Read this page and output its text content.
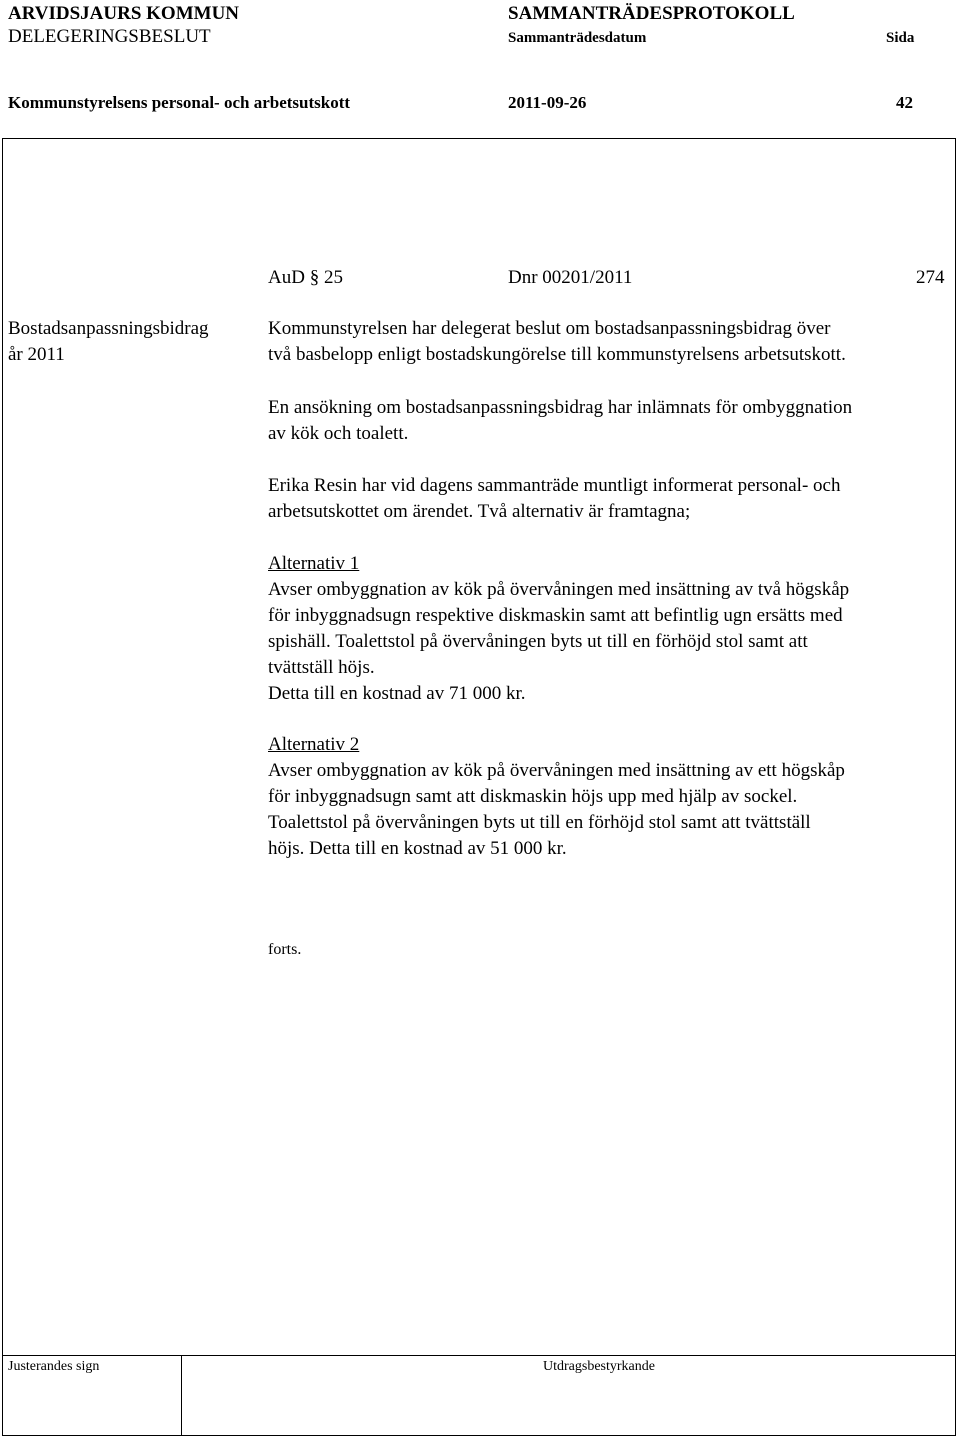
ARVIDSJAURS KOMMUN
DELEGERINGSBESLUT
SAMMANTRÄDESPROTOKOLL
Sammanträdesdatum	Sida
Kommunstyrelsens personal- och arbetsutskott	2011-09-26	42
AuD § 25	Dnr 00201/2011	274
Bostadsanpassningsbidrag
år 2011
Kommunstyrelsen har delegerat beslut om bostadsanpassningsbidrag över
två basbelopp enligt bostadskungörelse till kommunstyrelsens arbetsutskott.
En ansökning om bostadsanpassningsbidrag har inlämnats för ombyggnation
av kök och toalett.
Erika Resin har vid dagens sammanträde muntligt informerat personal- och
arbetsutskottet om ärendet. Två alternativ är framtagna;
Alternativ 1
Avser ombyggnation av kök på övervåningen med insättning av två högskåp
för inbyggnadsugn respektive diskmaskin samt att befintlig ugn ersätts med
spishäll. Toalettstol på övervåningen byts ut till en förhöjd stol samt att
tvättställ höjs.
Detta till en kostnad av 71 000 kr.
Alternativ 2
Avser ombyggnation av kök på övervåningen med insättning av ett högskåp
för inbyggnadsugn samt att diskmaskin höjs upp med hjälp av sockel.
Toalettstol på övervåningen byts ut till en förhöjd stol samt att tvättställ
höjs. Detta till en kostnad av 51 000 kr.
forts.
Justerandes sign	Utdragsbestyrkande
